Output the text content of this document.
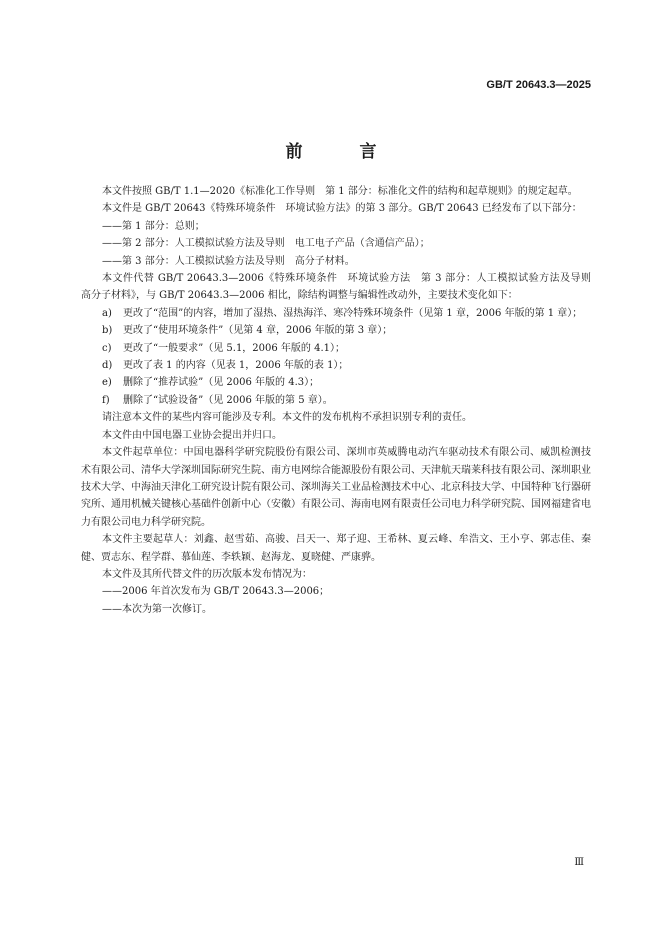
GB/T 20643.3—2025
前　言

本文件按照 GB/T 1.1—2020《标准化工作导则　第 1 部分：标准化文件的结构和起草规则》的规定起草。

本文件是 GB/T 20643《特殊环境条件　环境试验方法》的第 3 部分。GB/T 20643 已经发布了以下部分：

——第 1 部分：总则；
——第 2 部分：人工模拟试验方法及导则　电工电子产品（含通信产品）；
——第 3 部分：人工模拟试验方法及导则　高分子材料。

本文件代替 GB/T 20643.3—2006《特殊环境条件　环境试验方法　第 3 部分：人工模拟试验方法及导则　高分子材料》，与 GB/T 20643.3—2006 相比，除结构调整与编辑性改动外，主要技术变化如下：

a)	更改了“范围”的内容，增加了湿热、湿热海洋、寒冷特殊环境条件（见第 1 章，2006 年版的第 1 章）；
b)	更改了“使用环境条件”（见第 4 章，2006 年版的第 3 章）；
c)	更改了“一般要求”（见 5.1，2006 年版的 4.1）；
d)	更改了表 1 的内容（见表 1，2006 年版的表 1）；
e)	删除了“推荐试验”（见 2006 年版的 4.3）；
f)	删除了“试验设备”（见 2006 年版的第 5 章）。

请注意本文件的某些内容可能涉及专利。本文件的发布机构不承担识别专利的责任。

本文件由中国电器工业协会提出并归口。

本文件起草单位：中国电器科学研究院股份有限公司、深圳市英威腾电动汽车驱动技术有限公司、威凯检测技术有限公司、清华大学深圳国际研究生院、南方电网综合能源股份有限公司、天津航天瑞莱科技有限公司、深圳职业技术大学、中海油天津化工研究设计院有限公司、深圳海关工业品检测技术中心、北京科技大学、中国特种飞行器研究所、通用机械关键核心基础件创新中心（安徽）有限公司、海南电网有限责任公司电力科学研究院、国网福建省电力有限公司电力科学研究院。

本文件主要起草人：刘鑫、赵雪茹、高骏、吕天一、郑子迎、王希林、夏云峰、牟浩文、王小亨、郭志佳、秦健、贾志东、程学群、慕仙莲、李轶颖、赵海龙、夏晓健、严康骅。

本文件及其所代替文件的历次版本发布情况为：

——2006 年首次发布为 GB/T 20643.3—2006；
——本次为第一次修订。
Ⅲ
